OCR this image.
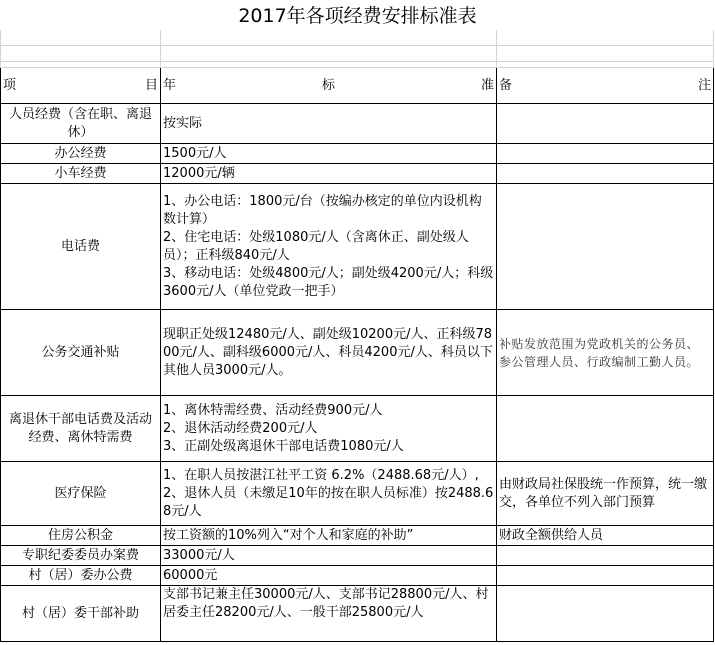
2017年各项经费安排标准表

项 目	年 标 准	备 注

人员经费（含在职、离退休）	按实际	
办公经费	1500元/人	
小车经费	12000元/辆	
电话费	1、办公电话：1800元/台（按编办核定的单位内设机构数计算）
2、住宅电话：处级1080元/人（含离休正、副处级人员）；正科级840元/人
3、移动电话：处级4800元/人；副处级4200元/人；科级3600元/人（单位党政一把手）	

公务交通补贴	现职正处级12480元/人、副处级10200元/人、正科级7800元/人、副科级6000元/人、科员4200元/人、科员以下其他人员3000元/人。	补贴发放范围为党政机关的公务员、参公管理人员、行政编制工勤人员。
离退休干部电话费及活动经费、离休特需费	1、离休特需经费、活动经费900元/人
2、退休活动经费200元/人
3、正副处级离退休干部电话费1080元/人	

医疗保险	1、在职人员按湛江社平工资 6.2%（2488.68元/人）, 2、退休人员（未缴足10年的按在职人员标准）按2488.68元/人	由财政局社保股统一作预算，统一缴交，各单位不列入部门预算
住房公积金	按工资额的10%列入“对个人和家庭的补助”	财政全额供给人员
专职纪委委员办案费	33000元/人	
村（居）委办公费	60000元	
村（居）委干部补助	支部书记兼主任30000元/人、支部书记28800元/人、村居委主任28200元/人、一般干部25800元/人	
